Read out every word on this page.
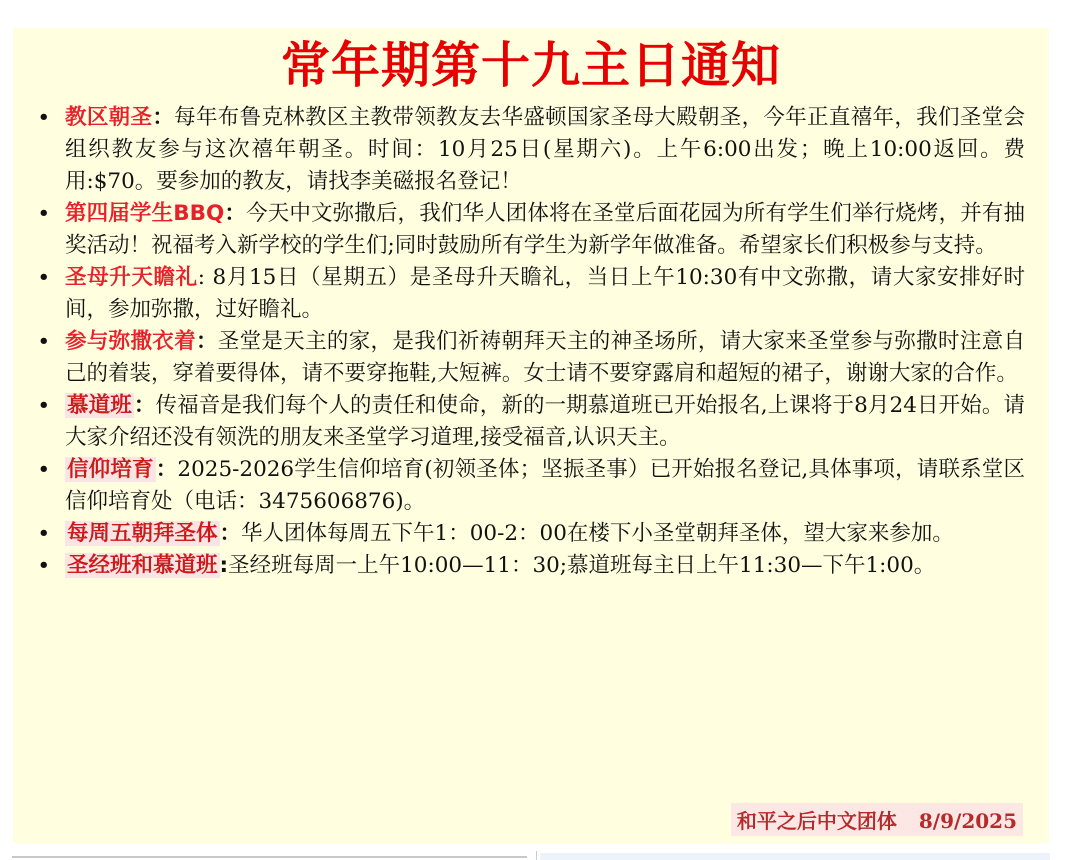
常年期第十九主日通知
• 教区朝圣：每年布鲁克林教区主教带领教友去华盛顿国家圣母大殿朝圣，今年正直禧年，我们圣堂会组织教友参与这次禧年朝圣。时间：10月25日(星期六)。上午6:00出发；晚上10:00返回。费用:$70。要参加的教友，请找李美磁报名登记！
• 第四届学生BBQ：今天中文弥撒后，我们华人团体将在圣堂后面花园为所有学生们举行烧烤，并有抽奖活动！祝福考入新学校的学生们;同时鼓励所有学生为新学年做准备。希望家长们积极参与支持。
• 圣母升天瞻礼: 8月15日（星期五）是圣母升天瞻礼，当日上午10:30有中文弥撒，请大家安排好时间，参加弥撒，过好瞻礼。
• 参与弥撒衣着：圣堂是天主的家，是我们祈祷朝拜天主的神圣场所，请大家来圣堂参与弥撒时注意自己的着装，穿着要得体，请不要穿拖鞋,大短裤。女士请不要穿露肩和超短的裙子，谢谢大家的合作。
• 慕道班：传福音是我们每个人的责任和使命，新的一期慕道班已开始报名,上课将于8月24日开始。请大家介绍还没有领洗的朋友来圣堂学习道理,接受福音,认识天主。
• 信仰培育：2025-2026学生信仰培育(初领圣体；坚振圣事）已开始报名登记,具体事项，请联系堂区信仰培育处（电话：3475606876)。
• 每周五朝拜圣体：华人团体每周五下午1：00-2：00在楼下小圣堂朝拜圣体，望大家来参加。
• 圣经班和慕道班:圣经班每周一上午10:00—11：30;慕道班每主日上午11:30—下午1:00。
和平之后中文团体 8/9/2025
